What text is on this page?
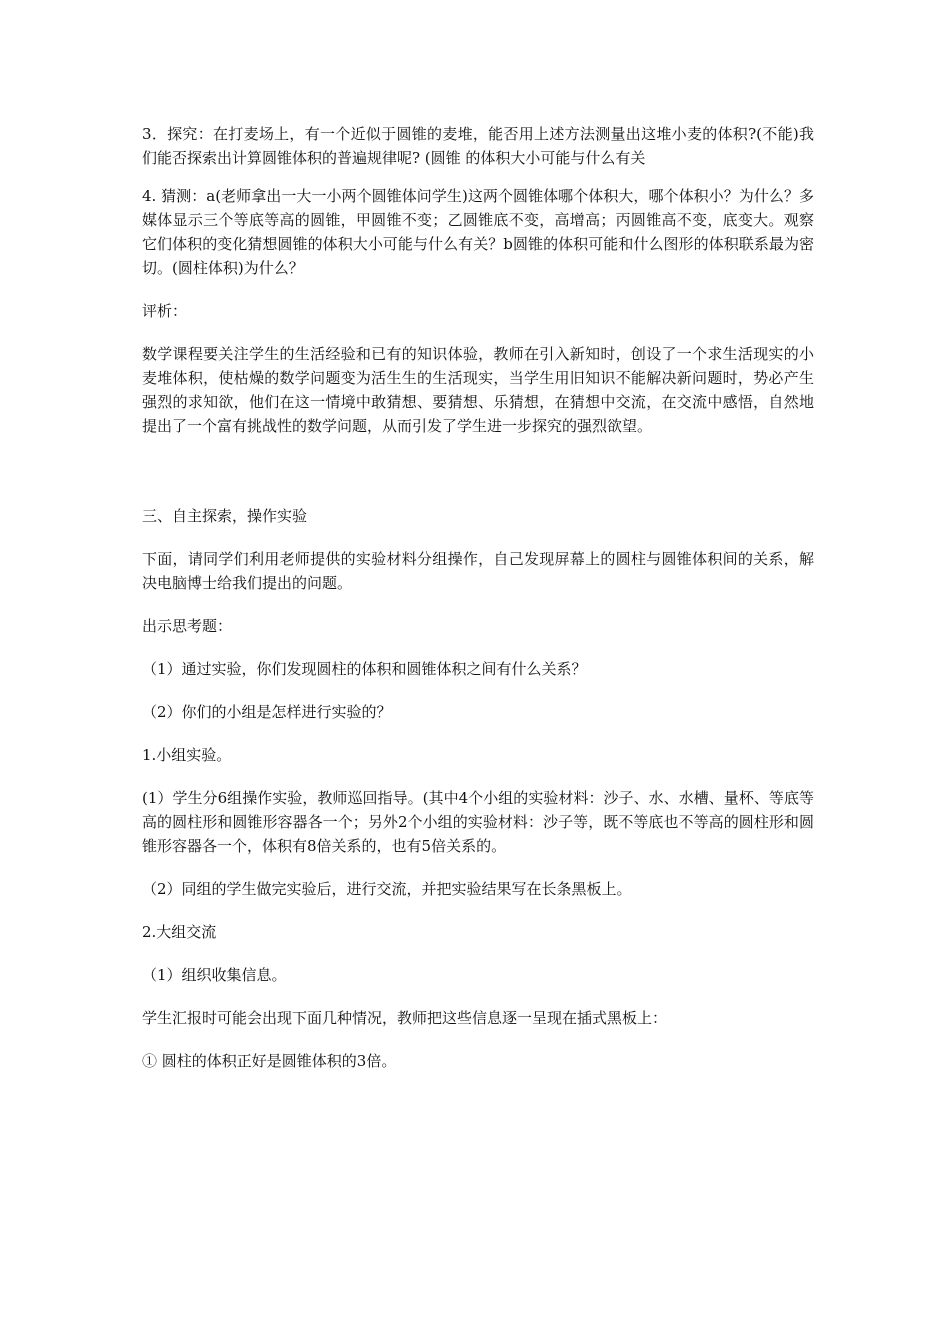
3．探究：在打麦场上，有一个近似于圆锥的麦堆，能否用上述方法测量出这堆小麦的体积?(不能)我们能否探索出计算圆锥体积的普遍规律呢? (圆锥 的体积大小可能与什么有关

4. 猜测：a(老师拿出一大一小两个圆锥体问学生)这两个圆锥体哪个体积大，哪个体积小？为什么？多媒体显示三个等底等高的圆锥，甲圆锥不变；乙圆锥底不变，高增高；丙圆锥高不变，底变大。观察它们体积的变化猜想圆锥的体积大小可能与什么有关？b圆锥的体积可能和什么图形的体积联系最为密切。(圆柱体积)为什么？

评析：

数学课程要关注学生的生活经验和已有的知识体验，教师在引入新知时，创设了一个求生活现实的小麦堆体积，使枯燥的数学问题变为活生生的生活现实，当学生用旧知识不能解决新问题时，势必产生强烈的求知欲，他们在这一情境中敢猜想、要猜想、乐猜想，在猜想中交流，在交流中感悟，自然地提出了一个富有挑战性的数学问题，从而引发了学生进一步探究的强烈欲望。

三、自主探索，操作实验

下面，请同学们利用老师提供的实验材料分组操作，自己发现屏幕上的圆柱与圆锥体积间的关系，解决电脑博士给我们提出的问题。

出示思考题：

（1）通过实验，你们发现圆柱的体积和圆锥体积之间有什么关系？

（2）你们的小组是怎样进行实验的？

1.小组实验。

(1）学生分6组操作实验，教师巡回指导。(其中4个小组的实验材料：沙子、水、水槽、量杯、等底等高的圆柱形和圆锥形容器各一个；另外2个小组的实验材料：沙子等，既不等底也不等高的圆柱形和圆锥形容器各一个，体积有8倍关系的，也有5倍关系的。

（2）同组的学生做完实验后，进行交流，并把实验结果写在长条黑板上。

2.大组交流

（1）组织收集信息。

学生汇报时可能会出现下面几种情况，教师把这些信息逐一呈现在插式黑板上：

① 圆柱的体积正好是圆锥体积的3倍。
